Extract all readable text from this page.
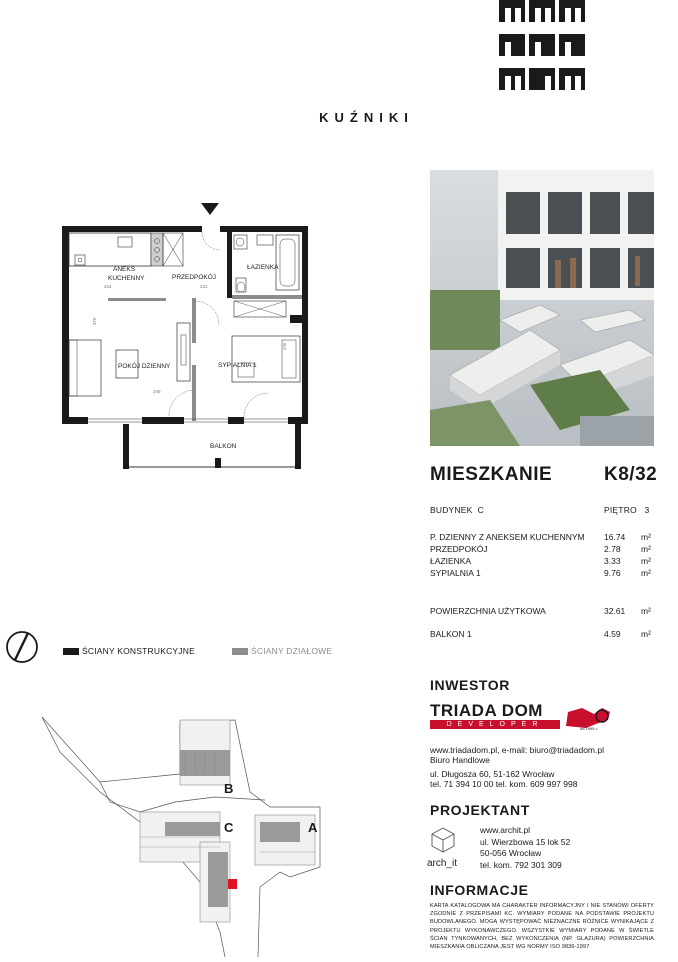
KUŹNIKI
ANEKS
KUCHENNY	PRZEDPOKÓJ
ŁAZIENKA
POKÓJ DZIENNY	SYPIALNIA 1
BALKON
224	231
370
349
426
MIESZKANIE	K8/32
BUDYNEK C	PIĘTRO 3
P. DZIENNY Z ANEKSEM KUCHENNYM 16.74 m²
PRZEDPOKÓJ	2.78 m²
ŁAZIENKA	3.33 m²
SYPIALNIA 1	9.76 m²
POWIERZCHNIA UŻYTKOWA	32.61 m²
BALKON 1	4.59 m²
ŚCIANY KONSTRUKCYJNE	ŚCIANY DZIAŁOWE
B
C	A
INWESTOR
TRIADA DOM
DEVELOPER
od 1995 r.
www.triadadom.pl, e-mail: biuro@triadadom.pl
Biuro Handlowe
ul. Długosza 60, 51-162 Wrocław
tel. 71 394 10 00 tel. kom. 609 997 998
PROJEKTANT
arch_it
www.archit.pl
ul. Wierzbowa 15 lok 52
50-056 Wrocław
tel. kom. 792 301 309
INFORMACJE
KARTA KATALOGOWA MA CHARAKTER INFORMACYJNY I NIE STANOWI OFERTY ZGODNIE Z PRZEPISAMI KC. WYMIARY PODANE NA PODSTAWIE PROJEKTU BUDOWLANEGO. MOGĄ WYSTĘPOWAĆ NIEZNACZNE RÓŻNICE WYNIKAJĄCE Z PROJEKTU WYKONAWCZEGO. WSZYSTKIE WYMIARY PODANE W ŚWIETLE ŚCIAN TYNKOWANYCH, BEZ WYKOŃCZENIA (NP. GLAZURA) POWIERZCHNIA MIESZKANIA OBLICZANA JEST WG NORMY ISO 9836-1997
